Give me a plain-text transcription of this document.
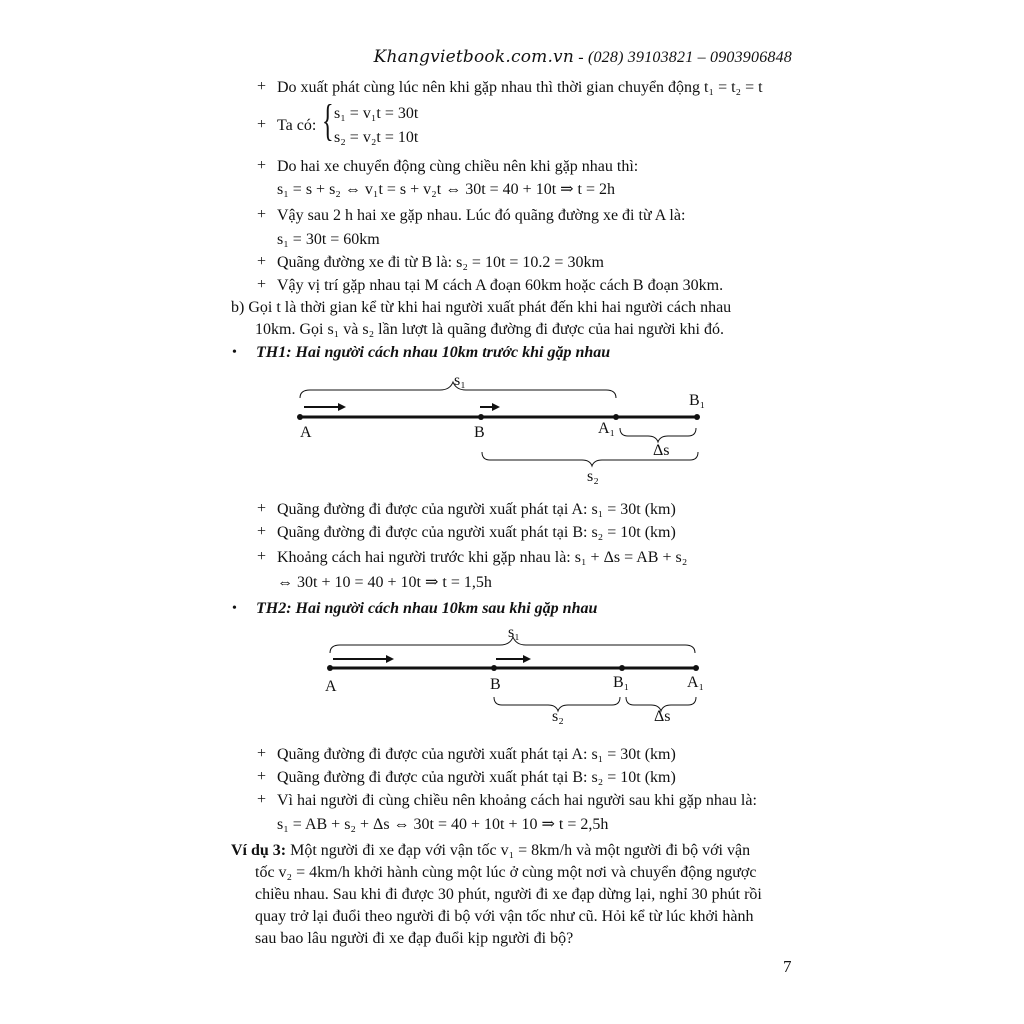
Khangvietbook.com.vn - (028) 39103821 – 0903906848
+ Do xuất phát cùng lúc nên khi gặp nhau thì thời gian chuyển động t₁ = t₂ = t
+ Ta có: { s₁ = v₁t = 30t
s₂ = v₂t = 10t
+ Do hai xe chuyển động cùng chiều nên khi gặp nhau thì:
s₁ = s + s₂ ⇔ v₁t = s + v₂t ⇔ 30t = 40 + 10t ⇒ t = 2h
+ Vậy sau 2 h hai xe gặp nhau. Lúc đó quãng đường xe đi từ A là:
s₁ = 30t = 60km
+ Quãng đường xe đi từ B là: s₂ = 10t = 10.2 = 30km
+ Vậy vị trí gặp nhau tại M cách A đoạn 60km hoặc cách B đoạn 30km.
b) Gọi t là thời gian kể từ khi hai người xuất phát đến khi hai người cách nhau
10km. Gọi s₁ và s₂ lần lượt là quãng đường đi được của hai người khi đó.
• TH1: Hai người cách nhau 10km trước khi gặp nhau
s₁
B₁
A	B	A₁
Δs
s₂
+ Quãng đường đi được của người xuất phát tại A: s₁ = 30t (km)
+ Quãng đường đi được của người xuất phát tại B: s₂ = 10t (km)
+ Khoảng cách hai người trước khi gặp nhau là: s₁ + Δs = AB + s₂
⇔ 30t + 10 = 40 + 10t ⇒ t = 1,5h
• TH2: Hai người cách nhau 10km sau khi gặp nhau
s₁
A	B	B₁	A₁
s₂	Δs
+ Quãng đường đi được của người xuất phát tại A: s₁ = 30t (km)
+ Quãng đường đi được của người xuất phát tại B: s₂ = 10t (km)
+ Vì hai người đi cùng chiều nên khoảng cách hai người sau khi gặp nhau là:
s₁ = AB + s₂ + Δs ⇔ 30t = 40 + 10t + 10 ⇒ t = 2,5h
Ví dụ 3: Một người đi xe đạp với vận tốc v₁ = 8km/h và một người đi bộ với vận
tốc v₂ = 4km/h khởi hành cùng một lúc ở cùng một nơi và chuyển động ngược
chiều nhau. Sau khi đi được 30 phút, người đi xe đạp dừng lại, nghỉ 30 phút rồi
quay trở lại đuổi theo người đi bộ với vận tốc như cũ. Hỏi kể từ lúc khởi hành
sau bao lâu người đi xe đạp đuổi kịp người đi bộ?
7
